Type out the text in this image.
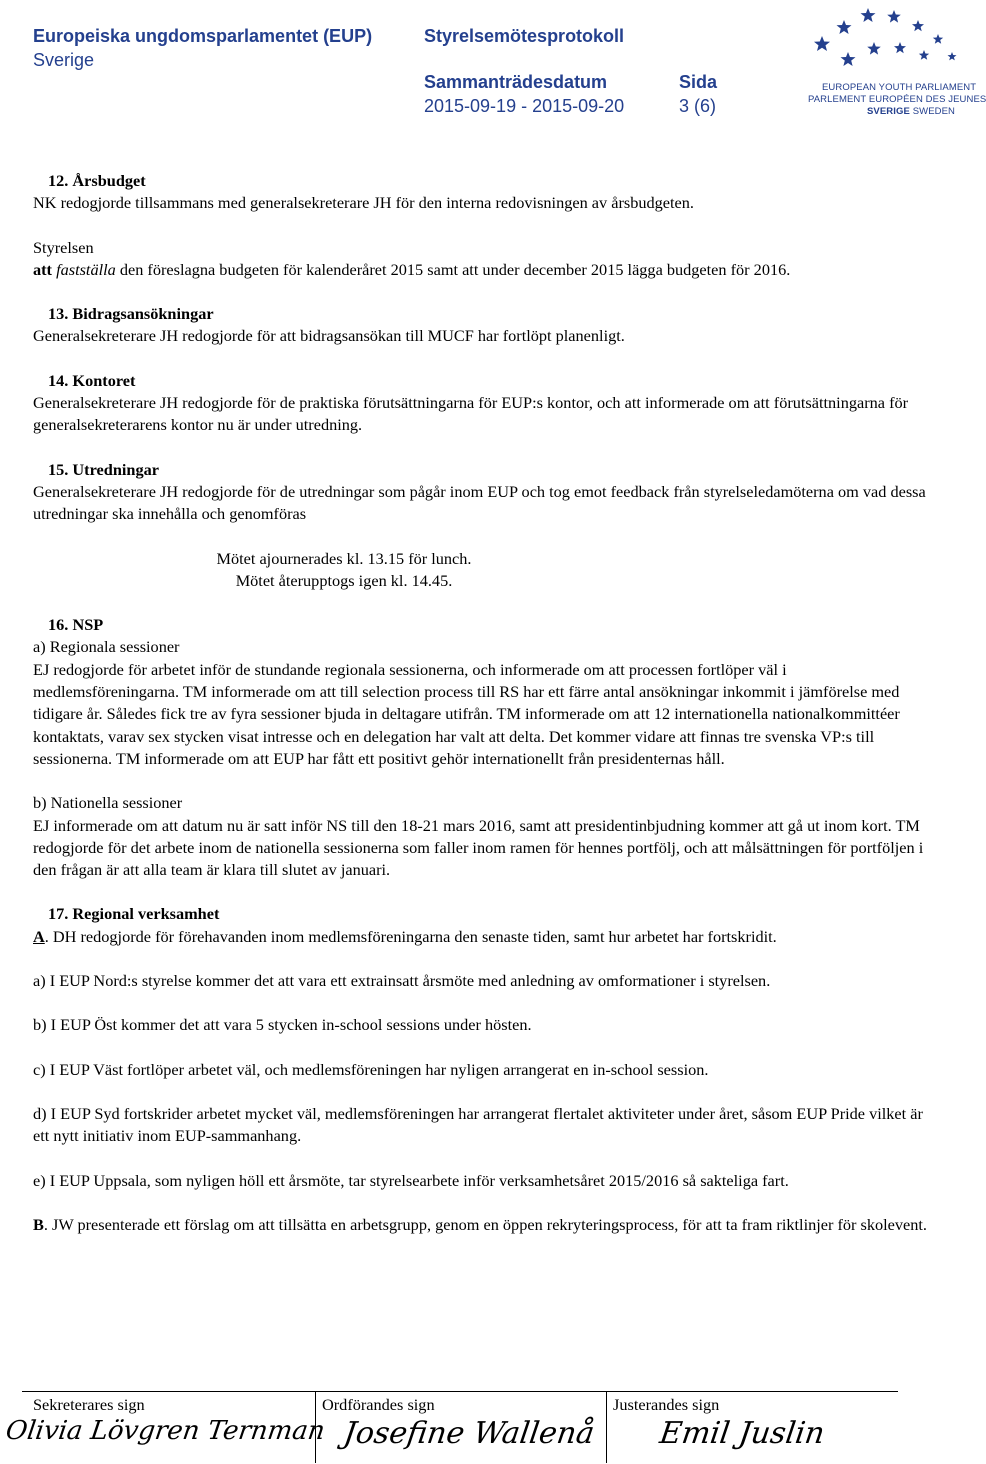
Europeiska ungdomsparlamentet (EUP)
Sverige
Styrelsemötesprotokoll
Sammanträdesdatum
2015-09-19 - 2015-09-20
Sida
3 (6)
EUROPEAN YOUTH PARLIAMENT
PARLEMENT EUROPÉEN DES JEUNES
SVERIGE SWEDEN

12. Årsbudget

NK redogjorde tillsammans med generalsekreterare JH för den interna redovisningen av årsbudgeten.

Styrelsen

att fastställa den föreslagna budgeten för kalenderåret 2015 samt att under december 2015 lägga budgeten för 2016.

13. Bidragsansökningar

Generalsekreterare JH redogjorde för att bidragsansökan till MUCF har fortlöpt planenligt.

14. Kontoret

Generalsekreterare JH redogjorde för de praktiska förutsättningarna för EUP:s kontor, och att informerade om att förutsättningarna för generalsekreterarens kontor nu är under utredning.

15. Utredningar

Generalsekreterare JH redogjorde för de utredningar som pågår inom EUP och tog emot feedback från styrelseledamöterna om vad dessa utredningar ska innehålla och genomföras

Mötet ajournerades kl. 13.15 för lunch.

Mötet återupptogs igen kl. 14.45.

16. NSP

a) Regionala sessioner

EJ redogjorde för arbetet inför de stundande regionala sessionerna, och informerade om att processen fortlöper väl i medlemsföreningarna. TM informerade om att till selection process till RS har ett färre antal ansökningar inkommit i jämförelse med tidigare år. Således fick tre av fyra sessioner bjuda in deltagare utifrån. TM informerade om att 12 internationella nationalkommittéer kontaktats, varav sex stycken visat intresse och en delegation har valt att delta. Det kommer vidare att finnas tre svenska VP:s till sessionerna. TM informerade om att EUP har fått ett positivt gehör internationellt från presidenternas håll.

b) Nationella sessioner

EJ informerade om att datum nu är satt inför NS till den 18-21 mars 2016, samt att presidentinbjudning kommer att gå ut inom kort. TM redogjorde för det arbete inom de nationella sessionerna som faller inom ramen för hennes portfölj, och att målsättningen för portföljen i den frågan är att alla team är klara till slutet av januari.

17. Regional verksamhet

A. DH redogjorde för förehavanden inom medlemsföreningarna den senaste tiden, samt hur arbetet har fortskridit.

a) I EUP Nord:s styrelse kommer det att vara ett extrainsatt årsmöte med anledning av omformationer i styrelsen.

b) I EUP Öst kommer det att vara 5 stycken in-school sessions under hösten.

c) I EUP Väst fortlöper arbetet väl, och medlemsföreningen har nyligen arrangerat en in-school session.

d) I EUP Syd fortskrider arbetet mycket väl, medlemsföreningen har arrangerat flertalet aktiviteter under året, såsom EUP Pride vilket är ett nytt initiativ inom EUP-sammanhang.

e) I EUP Uppsala, som nyligen höll ett årsmöte, tar styrelsearbete inför verksamhetsåret 2015/2016 så sakteliga fart.

B. JW presenterade ett förslag om att tillsätta en arbetsgrupp, genom en öppen rekryteringsprocess, för att ta fram riktlinjer för skolevent.

Sekreterares sign	Ordförandes sign	Justerandes sign
Olivia Lövgren Ternman Josefine Wallenå Emil Juslin
